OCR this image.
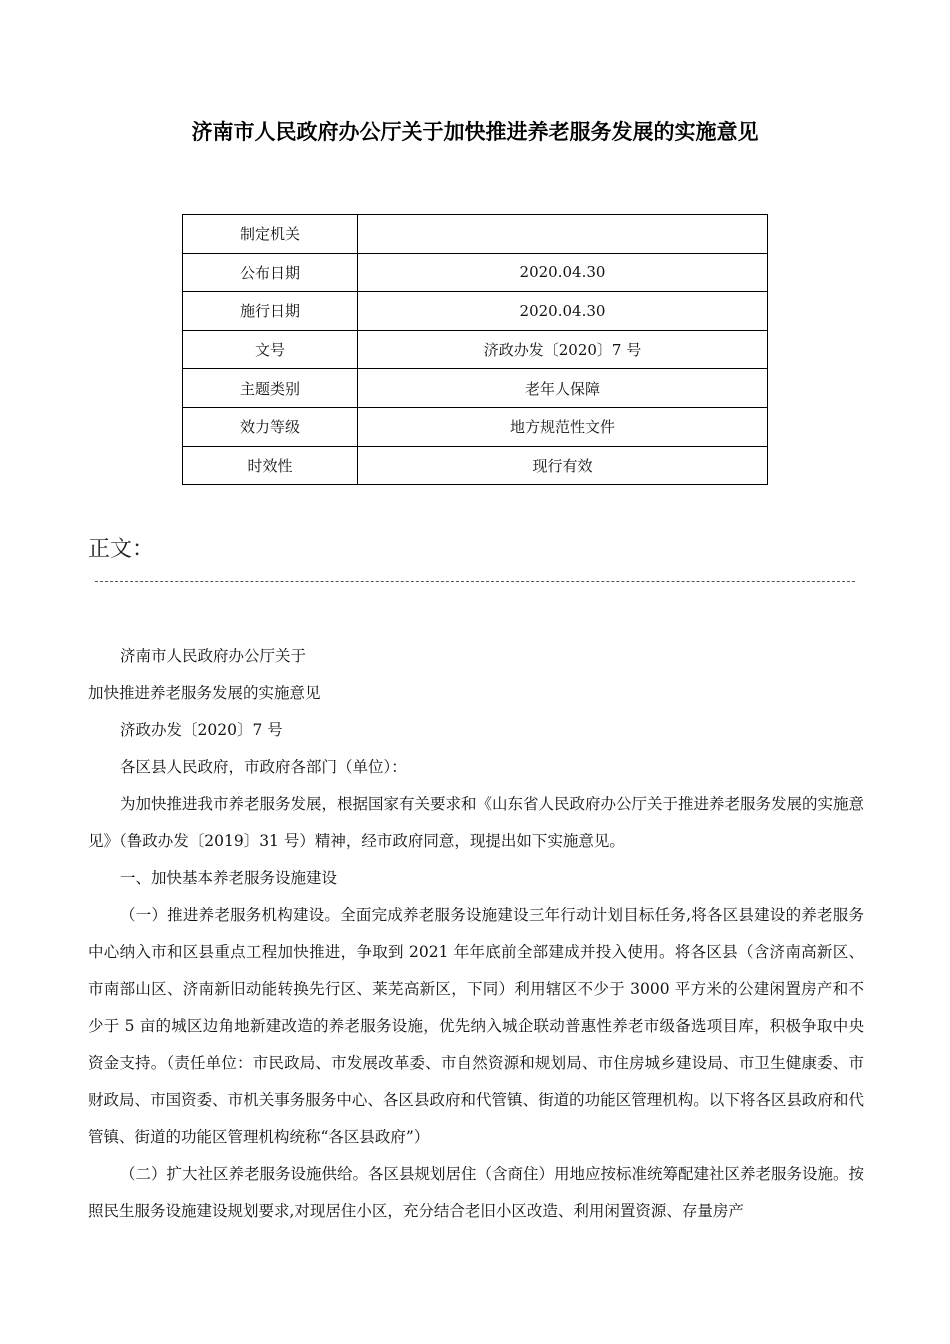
济南市人民政府办公厅关于加快推进养老服务发展的实施意见
制定机关	
公布日期	2020.04.30
施行日期	2020.04.30
文号	济政办发〔2020〕7 号
主题类别	老年人保障
效力等级	地方规范性文件
时效性	现行有效
正文：

济南市人民政府办公厅关于

加快推进养老服务发展的实施意见

济政办发〔2020〕7 号

各区县人民政府，市政府各部门（单位）：

为加快推进我市养老服务发展，根据国家有关要求和《山东省人民政府办公厅关于推进养老服务发展的实施意见》（鲁政办发〔2019〕31 号）精神，经市政府同意，现提出如下实施意见。

一、加快基本养老服务设施建设

（一）推进养老服务机构建设。全面完成养老服务设施建设三年行动计划目标任务,将各区县建设的养老服务中心纳入市和区县重点工程加快推进，争取到 2021 年年底前全部建成并投入使用。将各区县（含济南高新区、市南部山区、济南新旧动能转换先行区、莱芜高新区，下同）利用辖区不少于 3000 平方米的公建闲置房产和不少于 5 亩的城区边角地新建改造的养老服务设施，优先纳入城企联动普惠性养老市级备选项目库，积极争取中央资金支持。（责任单位：市民政局、市发展改革委、市自然资源和规划局、市住房城乡建设局、市卫生健康委、市财政局、市国资委、市机关事务服务中心、各区县政府和代管镇、街道的功能区管理机构。以下将各区县政府和代管镇、街道的功能区管理机构统称“各区县政府”）

（二）扩大社区养老服务设施供给。各区县规划居住（含商住）用地应按标准统筹配建社区养老服务设施。按照民生服务设施建设规划要求,对现居住小区，充分结合老旧小区改造、利用闲置资源、存量房产
